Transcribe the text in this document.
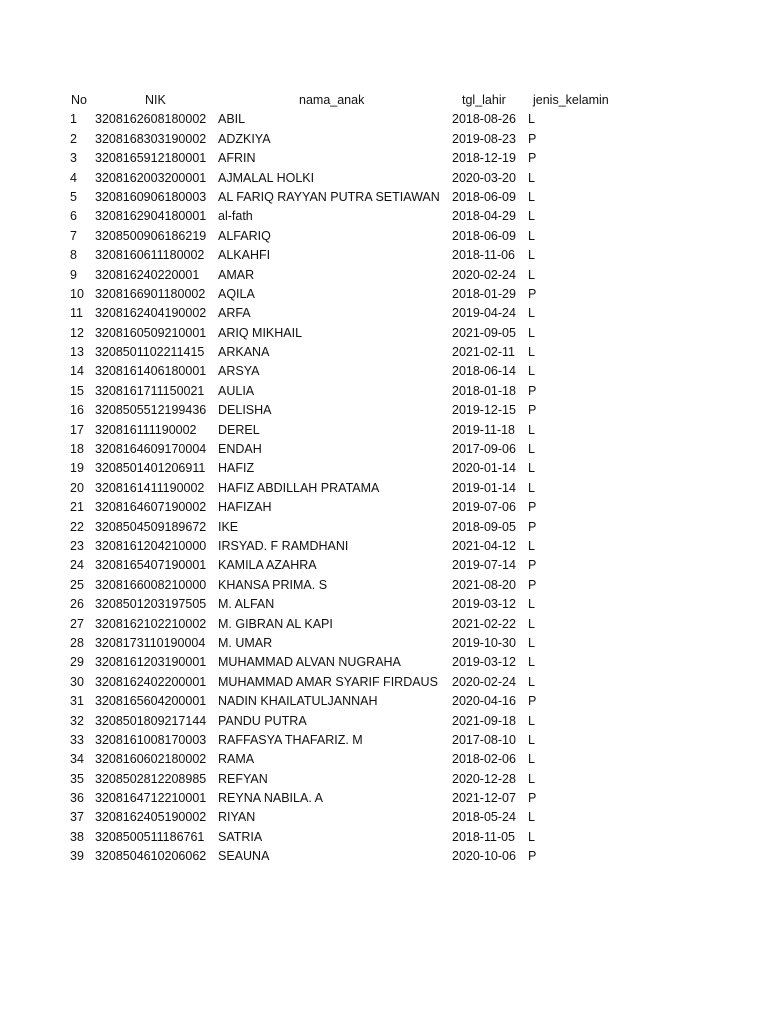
No	NIK	nama_anak	tgl_lahir jenis_kelamin
1 3208162608180002 ABIL	2018-08-26 L
2 3208168303190002 ADZKIYA	2019-08-23 P
3 3208165912180001 AFRIN	2018-12-19 P
4 3208162003200001 AJMALAL HOLKI	2020-03-20 L
5 3208160906180003 AL FARIQ RAYYAN PUTRA SETIAWAN 2018-06-09 L
6 3208162904180001 al-fath	2018-04-29 L
7 3208500906186219 ALFARIQ	2018-06-09 L
8 3208160611180002 ALKAHFI	2018-11-06 L
9 320816240220001 AMAR	2020-02-24 L
10 3208166901180002 AQILA	2018-01-29 P
11 3208162404190002 ARFA	2019-04-24 L
12 3208160509210001 ARIQ MIKHAIL	2021-09-05 L
13 3208501102211415 ARKANA	2021-02-11 L
14 3208161406180001 ARSYA	2018-06-14 L
15 3208161711150021 AULIA	2018-01-18 P
16 3208505512199436 DELISHA	2019-12-15 P
17 320816111190002 DEREL	2019-11-18 L
18 3208164609170004 ENDAH	2017-09-06 L
19 3208501401206911 HAFIZ	2020-01-14 L
20 3208161411190002 HAFIZ ABDILLAH PRATAMA	2019-01-14 L
21 3208164607190002 HAFIZAH	2019-07-06 P
22 3208504509189672 IKE	2018-09-05 P
23 3208161204210000 IRSYAD. F RAMDHANI	2021-04-12 L
24 3208165407190001 KAMILA AZAHRA	2019-07-14 P
25 3208166008210000 KHANSA PRIMA. S	2021-08-20 P
26 3208501203197505 M. ALFAN	2019-03-12 L
27 3208162102210002 M. GIBRAN AL KAPI	2021-02-22 L
28 3208173110190004 M. UMAR	2019-10-30 L
29 3208161203190001 MUHAMMAD ALVAN NUGRAHA	2019-03-12 L
30 3208162402200001 MUHAMMAD AMAR SYARIF FIRDAUS 2020-02-24 L
31 3208165604200001 NADIN KHAILATULJANNAH	2020-04-16 P
32 3208501809217144 PANDU PUTRA	2021-09-18 L
33 3208161008170003 RAFFASYA THAFARIZ. M	2017-08-10 L
34 3208160602180002 RAMA	2018-02-06 L
35 3208502812208985 REFYAN	2020-12-28 L
36 3208164712210001 REYNA NABILA. A	2021-12-07 P
37 3208162405190002 RIYAN	2018-05-24 L
38 3208500511186761 SATRIA	2018-11-05 L
39 3208504610206062 SEAUNA	2020-10-06 P
